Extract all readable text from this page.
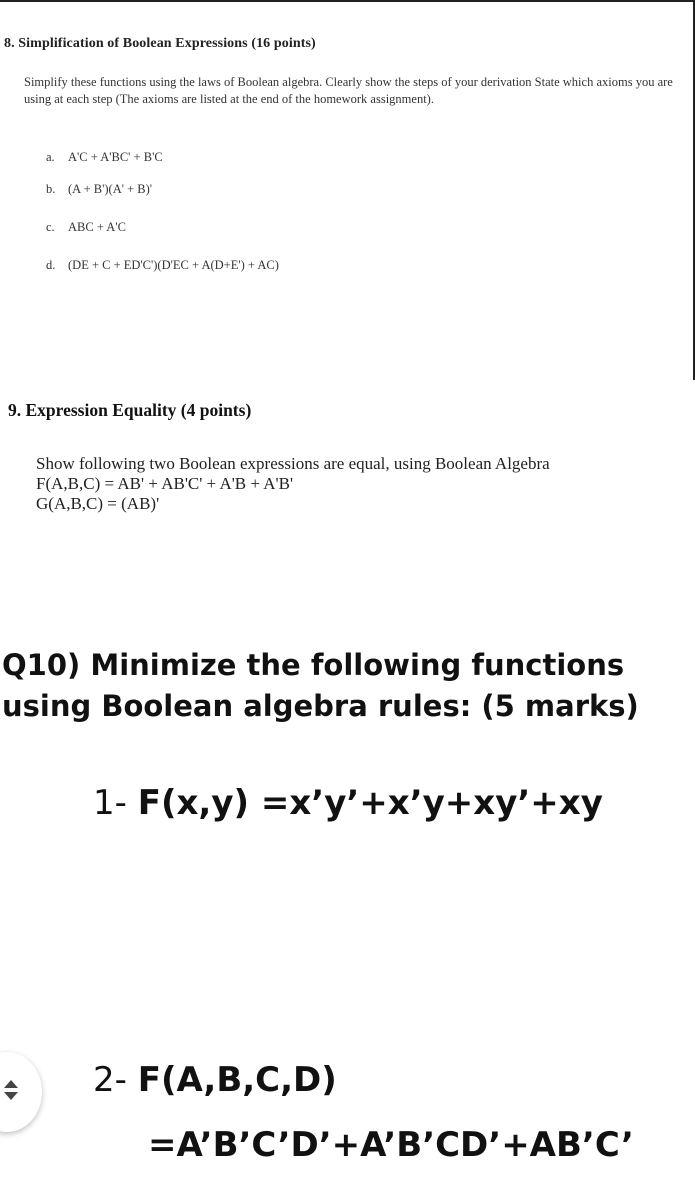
8. Simplification of Boolean Expressions (16 points)
Simplify these functions using the laws of Boolean algebra. Clearly show the steps of your derivation State which axioms you are using at each step (The axioms are listed at the end of the homework assignment).
a. A'C + A'BC' + B'C
b. (A + B')(A' + B)'
c. ABC + A'C
d. (DE + C + ED'C')(D'EC + A(D+E') + AC)
9. Expression Equality (4 points)
Show following two Boolean expressions are equal, using Boolean Algebra
F(A,B,C) = AB' + AB'C' + A'B + A'B'
G(A,B,C) = (AB)'
Q10) Minimize the following functions
using Boolean algebra rules: (5 marks)
1- F(x,y) =x’y’+x’y+xy’+xy
2- F(A,B,C,D)
=A’B’C’D’+A’B’CD’+AB’C’
